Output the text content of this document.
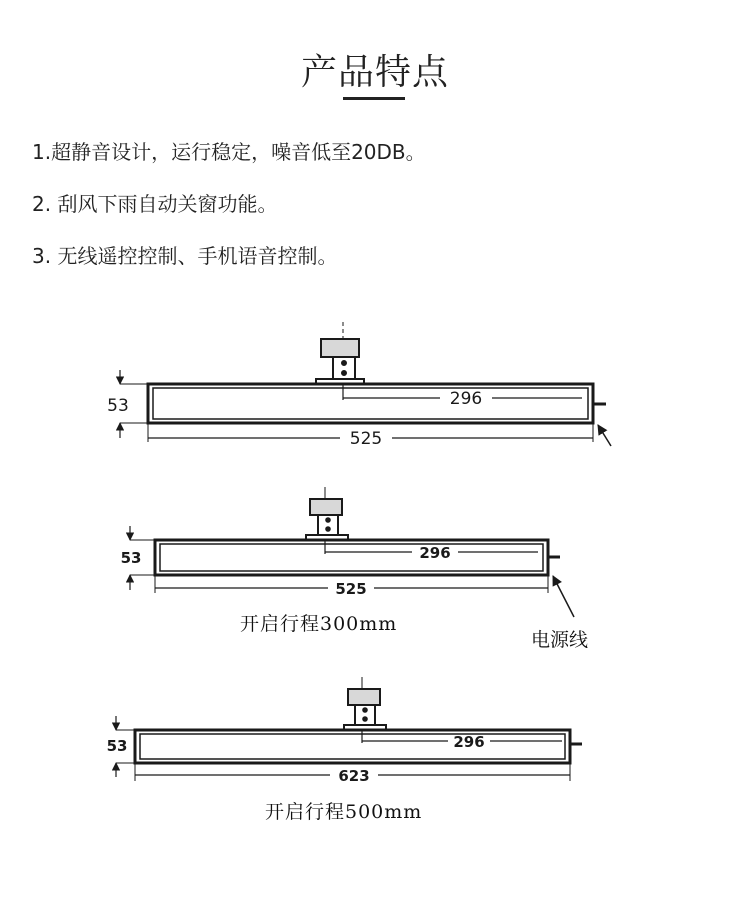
产品特点
1.超静音设计，运行稳定，噪音低至20DB。
2. 刮风下雨自动关窗功能。
3. 无线遥控控制、手机语音控制。
53	296
525
53	296
525
53	296
623
开启行程300mm
电源线
开启行程500mm
